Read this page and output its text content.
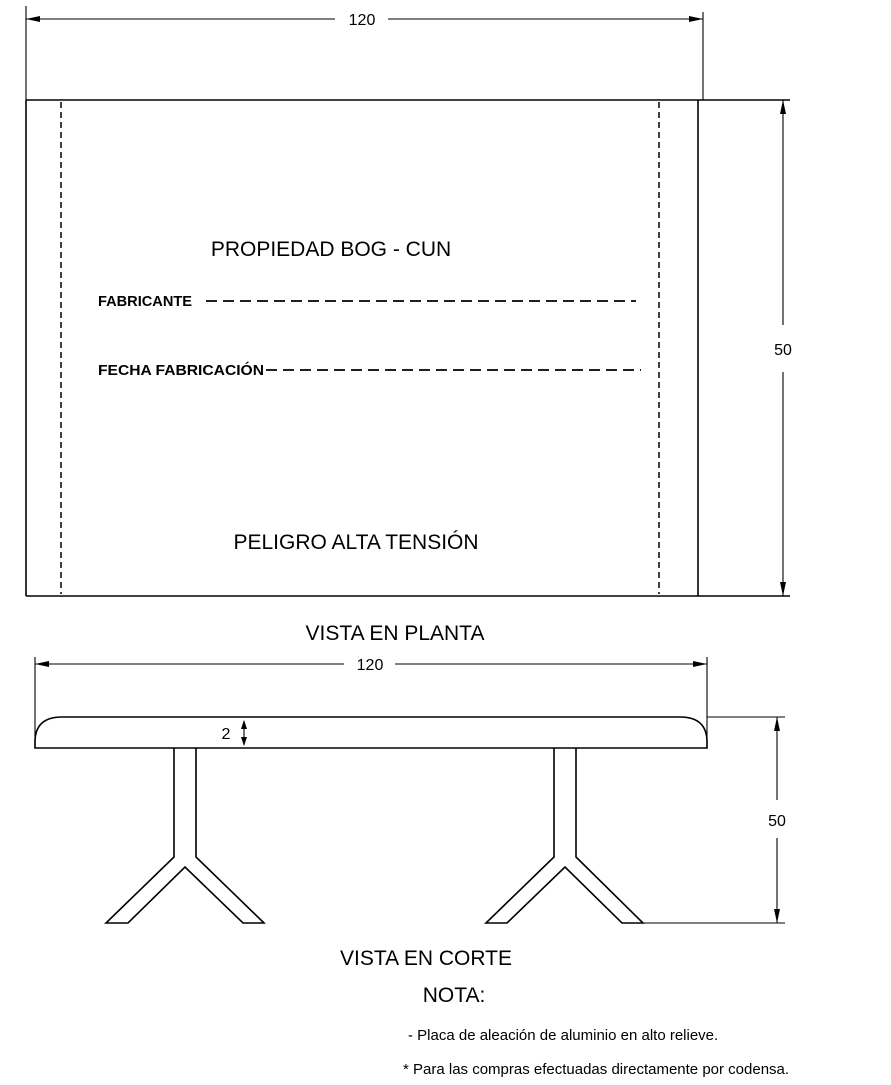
120
50
PROPIEDAD BOG - CUN
FABRICANTE
FECHA FABRICACIÓN
PELIGRO ALTA TENSIÓN
VISTA EN PLANTA
120
2
50
VISTA EN CORTE
NOTA:
- Placa de aleación de aluminio en alto relieve.
* Para las compras efectuadas directamente por codensa.
